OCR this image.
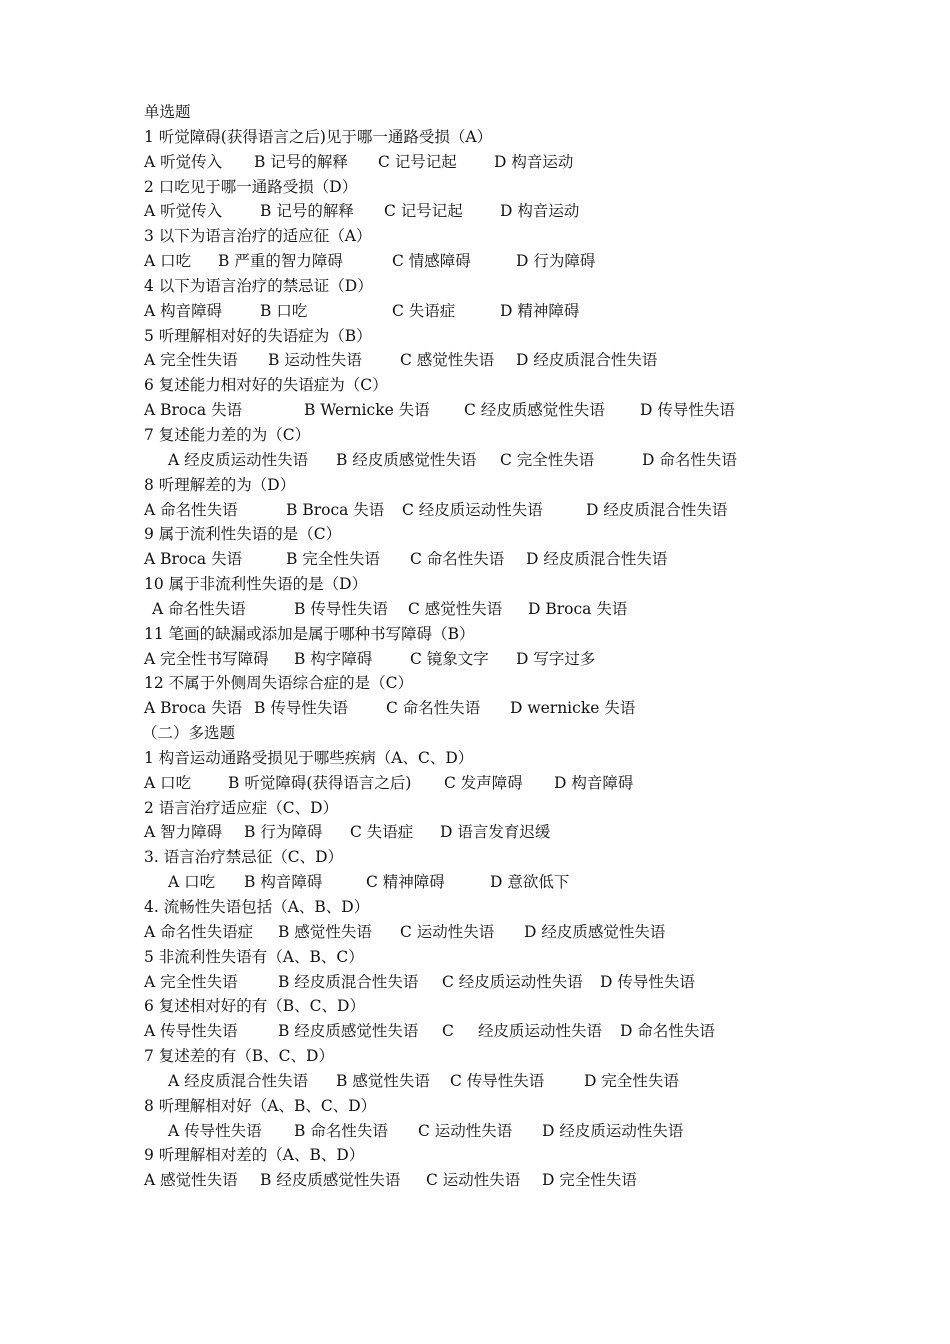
单选题
1 听觉障碍(获得语言之后)见于哪一通路受损（A）
A 听觉传入 B 记号的解释 C 记号记起 D 构音运动
2 口吃见于哪一通路受损（D）
A 听觉传入 B 记号的解释 C 记号记起 D 构音运动
3 以下为语言治疗的适应征（A）
A 口吃 B 严重的智力障碍	C 情感障碍	D 行为障碍
4 以下为语言治疗的禁忌证（D）
A 构音障碍 B 口吃	C 失语症	D 精神障碍
5 听理解相对好的失语症为（B）
A 完全性失语 B 运动性失语 C 感觉性失语 D 经皮质混合性失语
6 复述能力相对好的失语症为（C）
A Broca 失语	B Wernicke 失语 C 经皮质感觉性失语 D 传导性失语
7 复述能力差的为（C）
A 经皮质运动性失语 B 经皮质感觉性失语 C 完全性失语	D 命名性失语
8 听理解差的为（D）
A 命名性失语	B Broca 失语 C 经皮质运动性失语	D 经皮质混合性失语
9 属于流利性失语的是（C）
A Broca 失语	B 完全性失语 C 命名性失语 D 经皮质混合性失语
10 属于非流利性失语的是（D）
A 命名性失语	B 传导性失语 C 感觉性失语 D Broca 失语
11 笔画的缺漏或添加是属于哪种书写障碍（B）
A 完全性书写障碍 B 构字障碍 C 镜象文字 D 写字过多
12 不属于外侧周失语综合症的是（C）
A Broca 失语 B 传导性失语 C 命名性失语 D wernicke 失语
（二）多选题
1 构音运动通路受损见于哪些疾病（A、C、D）
A 口吃 B 听觉障碍(获得语言之后) C 发声障碍 D 构音障碍
2 语言治疗适应症（C、D）
A 智力障碍 B 行为障碍 C 失语症 D 语言发育迟缓
3. 语言治疗禁忌征（C、D）
A 口吃 B 构音障碍	C 精神障碍	D 意欲低下
4. 流畅性失语包括（A、B、D）
A 命名性失语症 B 感觉性失语 C 运动性失语 D 经皮质感觉性失语
5 非流利性失语有（A、B、C）
A 完全性失语	B 经皮质混合性失语 C 经皮质运动性失语 D 传导性失语
6 复述相对好的有（B、C、D）
A 传导性失语	B 经皮质感觉性失语 C 经皮质运动性失语 D 命名性失语
7 复述差的有（B、C、D）
A 经皮质混合性失语 B 感觉性失语 C 传导性失语	D 完全性失语
8 听理解相对好（A、B、C、D）
A 传导性失语 B 命名性失语 C 运动性失语 D 经皮质运动性失语
9 听理解相对差的（A、B、D）
A 感觉性失语 B 经皮质感觉性失语 C 运动性失语 D 完全性失语
